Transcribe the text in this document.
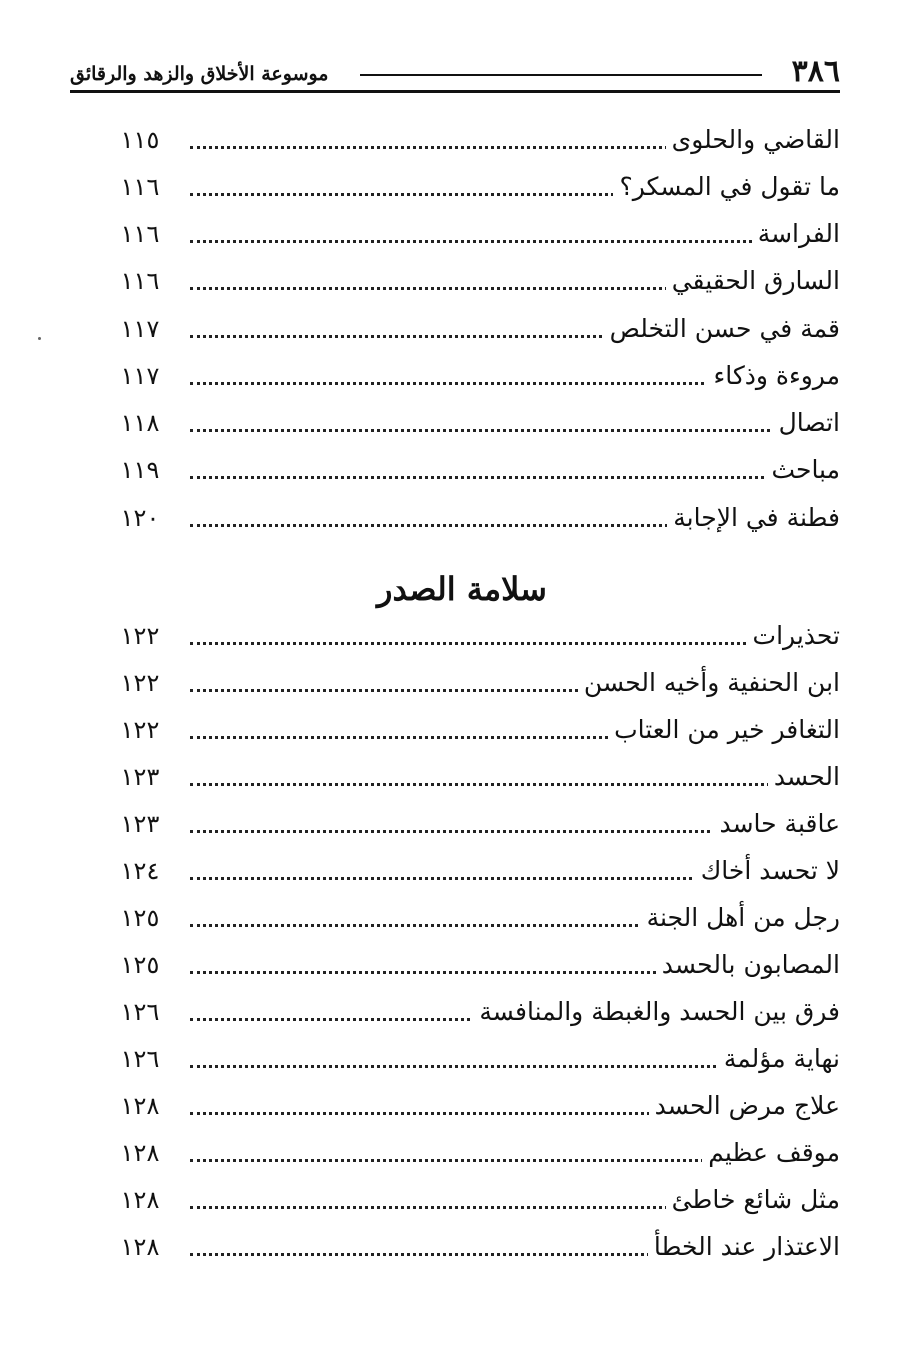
٣٨٦
موسوعة الأخلاق والزهد والرقائق
القاضي والحلوى
١١٥
ما تقول في المسكر؟
١١٦
الفراسة
١١٦
السارق الحقيقي
١١٦
قمة في حسن التخلص
١١٧
مروءة وذكاء
١١٧
اتصال
١١٨
مباحث
١١٩
فطنة في الإجابة
١٢٠
تحذيرات
١٢٢
ابن الحنفية وأخيه الحسن
١٢٢
التغافر خير من العتاب
١٢٢
الحسد
١٢٣
عاقبة حاسد
١٢٣
لا تحسد أخاك
١٢٤
رجل من أهل الجنة
١٢٥
المصابون بالحسد
١٢٥
فرق بين الحسد والغبطة والمنافسة
١٢٦
نهاية مؤلمة
١٢٦
علاج مرض الحسد
١٢٨
موقف عظيم
١٢٨
مثل شائع خاطئ
١٢٨
الاعتذار عند الخطأ
١٢٨
سلامة الصدر
